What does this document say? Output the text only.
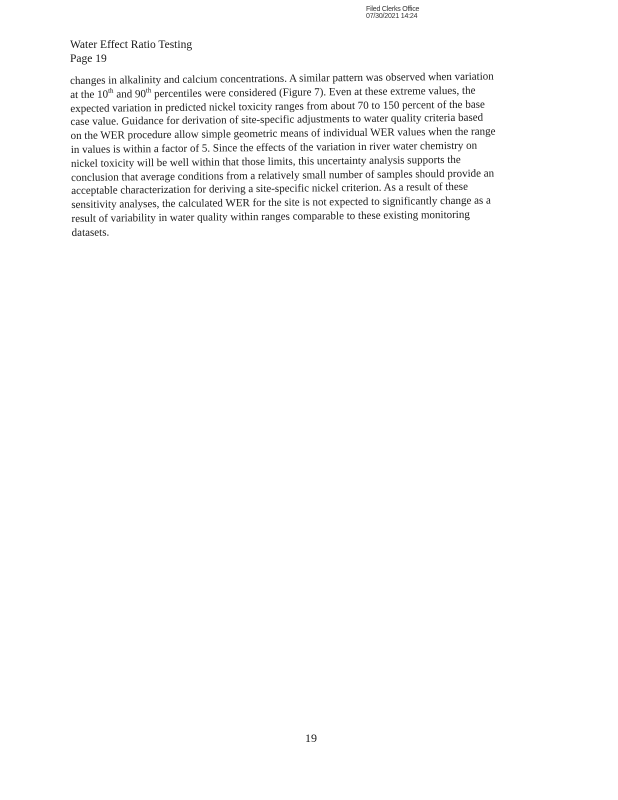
Filed Clerks Office
07/30/2021 14:24
Water Effect Ratio Testing
Page 19
changes in alkalinity and calcium concentrations. A similar pattern was observed when variation
at the 10th and 90th percentiles were considered (Figure 7). Even at these extreme values, the
expected variation in predicted nickel toxicity ranges from about 70 to 150 percent of the base
case value. Guidance for derivation of site-specific adjustments to water quality criteria based
on the WER procedure allow simple geometric means of individual WER values when the range
in values is within a factor of 5. Since the effects of the variation in river water chemistry on
nickel toxicity will be well within that those limits, this uncertainty analysis supports the
conclusion that average conditions from a relatively small number of samples should provide an
acceptable characterization for deriving a site-specific nickel criterion. As a result of these
sensitivity analyses, the calculated WER for the site is not expected to significantly change as a
result of variability in water quality within ranges comparable to these existing monitoring
datasets.
19
